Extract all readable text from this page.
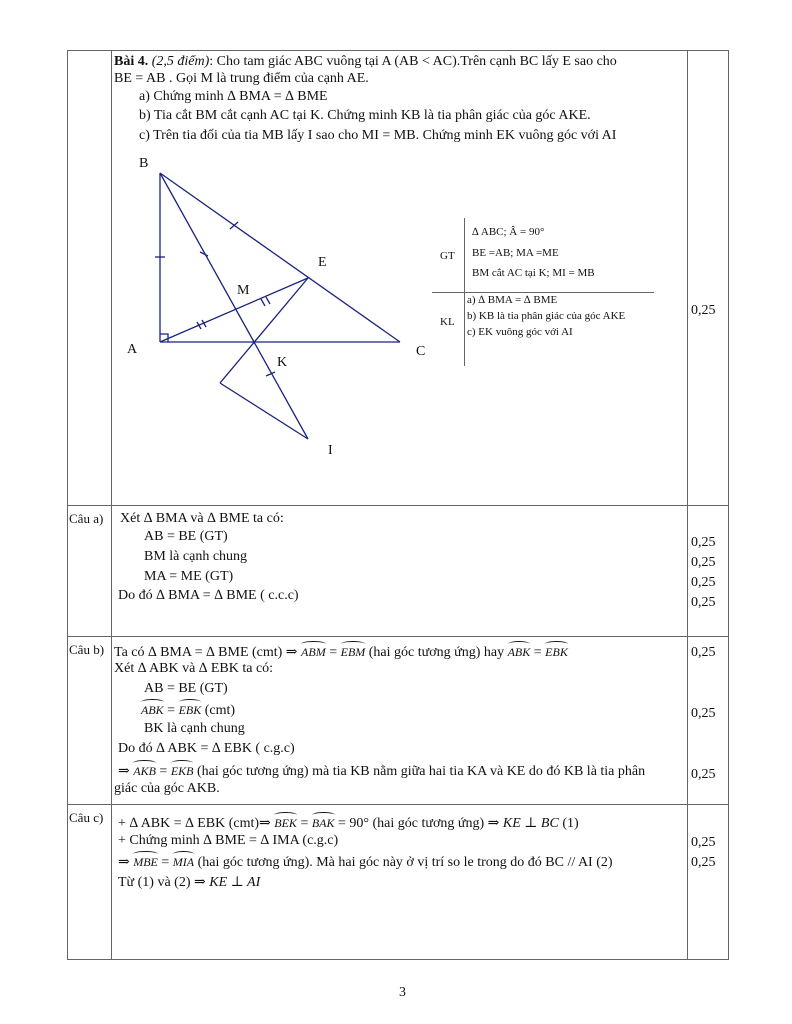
Bài 4. (2,5 điểm): Cho tam giác ABC vuông tại A (AB < AC).Trên cạnh BC lấy E sao cho
BE = AB . Gọi M là trung điểm của cạnh AE.
a) Chứng minh ∆ BMA = ∆ BME
b) Tia cắt BM cắt cạnh AC tại K. Chứng minh KB là tia phân giác của góc AKE.
c) Trên tia đối của tia MB lấy I sao cho MI = MB. Chứng minh EK vuông góc với AI
0,25
B
E
M
A	C
K
I
GT
KL
∆ ABC; Â = 90°
BE =AB; MA =ME
BM cắt AC tại K; MI = MB
a) ∆ BMA = ∆ BME
b) KB là tia phân giác của góc AKE
c) EK vuông góc với AI
Câu a) Xét ∆ BMA và ∆ BME ta có:
AB = BE (GT)
BM là cạnh chung
MA = ME (GT)
Do đó ∆ BMA = ∆ BME ( c.c.c)
0,25
0,25
0,25
0,25
Câu b) Ta có ∆ BMA = ∆ BME (cmt) ⇒ ABM = EBM (hai góc tương ứng) hay ABK = EBK
Xét ∆ ABK và ∆ EBK ta có:
AB = BE (GT)
ABK = EBK (cmt)
BK là cạnh chung
Do đó ∆ ABK = ∆ EBK ( c.g.c)
⇒ AKB = EKB (hai góc tương ứng) mà tia KB nằm giữa hai tia KA và KE do đó KB là tia phân
giác của góc AKB.
0,25
0,25
0,25
Câu c) + ∆ ABK = ∆ EBK (cmt)⇒ BEK = BAK = 90° (hai góc tương ứng) ⇒ KE ⊥ BC (1)
+ Chứng minh ∆ BME = ∆ IMA (c.g.c)
⇒ MBE = MIA (hai góc tương ứng). Mà hai góc này ở vị trí so le trong do đó BC // AI (2)
Từ (1) và (2) ⇒ KE ⊥ AI
0,25
0,25
3
